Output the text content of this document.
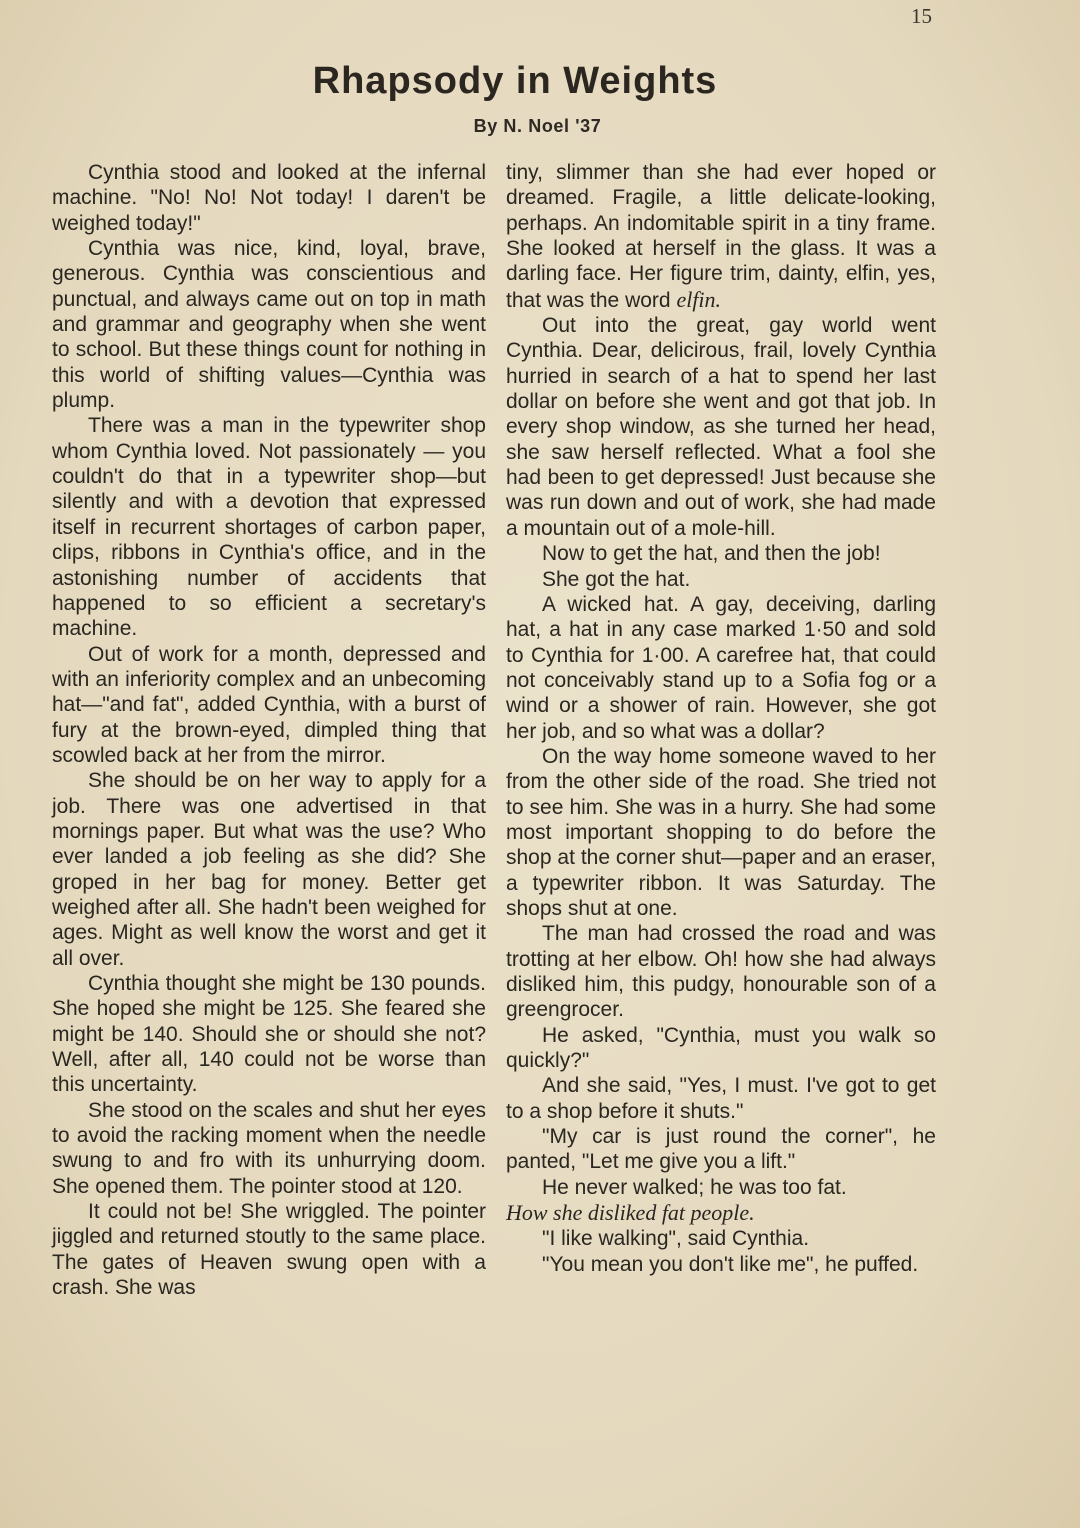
15
Rhapsody in Weights
By N. Noel '37

Cynthia stood and looked at the infernal machine. "No! No! Not today! I daren't be weighed today!"

Cynthia was nice, kind, loyal, brave, generous. Cynthia was conscientious and punctual, and always came out on top in math and grammar and geography when she went to school. But these things count for nothing in this world of shifting values—Cynthia was plump.

There was a man in the typewriter shop whom Cynthia loved. Not passionately — you couldn't do that in a typewriter shop—but silently and with a devotion that expressed itself in recurrent shortages of carbon paper, clips, ribbons in Cynthia's office, and in the astonishing number of accidents that happened to so efficient a secretary's machine.

Out of work for a month, depressed and with an inferiority complex and an unbecoming hat—"and fat", added Cynthia, with a burst of fury at the brown-eyed, dimpled thing that scowled back at her from the mirror.

She should be on her way to apply for a job. There was one advertised in that mornings paper. But what was the use? Who ever landed a job feeling as she did? She groped in her bag for money. Better get weighed after all. She hadn't been weighed for ages. Might as well know the worst and get it all over.

Cynthia thought she might be 130 pounds. She hoped she might be 125. She feared she might be 140. Should she or should she not? Well, after all, 140 could not be worse than this uncertainty.

She stood on the scales and shut her eyes to avoid the racking moment when the needle swung to and fro with its unhurrying doom. She opened them. The pointer stood at 120.

It could not be! She wriggled. The pointer jiggled and returned stoutly to the same place. The gates of Heaven swung open with a crash. She was

tiny, slimmer than she had ever hoped or dreamed. Fragile, a little delicate-looking, perhaps. An indomitable spirit in a tiny frame. She looked at herself in the glass. It was a darling face. Her figure trim, dainty, elfin, yes, that was the word elfin.

Out into the great, gay world went Cynthia. Dear, delicirous, frail, lovely Cynthia hurried in search of a hat to spend her last dollar on before she went and got that job. In every shop window, as she turned her head, she saw herself reflected. What a fool she had been to get depressed! Just because she was run down and out of work, she had made a mountain out of a mole-hill.

Now to get the hat, and then the job!

She got the hat.

A wicked hat. A gay, deceiving, darling hat, a hat in any case marked 1·50 and sold to Cynthia for 1·00. A carefree hat, that could not conceivably stand up to a Sofia fog or a wind or a shower of rain. However, she got her job, and so what was a dollar?

On the way home someone waved to her from the other side of the road. She tried not to see him. She was in a hurry. She had some most important shopping to do before the shop at the corner shut—paper and an eraser, a typewriter ribbon. It was Saturday. The shops shut at one.

The man had crossed the road and was trotting at her elbow. Oh! how she had always disliked him, this pudgy, honourable son of a greengrocer.

He asked, "Cynthia, must you walk so quickly?"

And she said, "Yes, I must. I've got to get to a shop before it shuts."

"My car is just round the corner", he panted, "Let me give you a lift."

He never walked; he was too fat.

How she disliked fat people.

"I like walking", said Cynthia.

"You mean you don't like me", he puffed.
